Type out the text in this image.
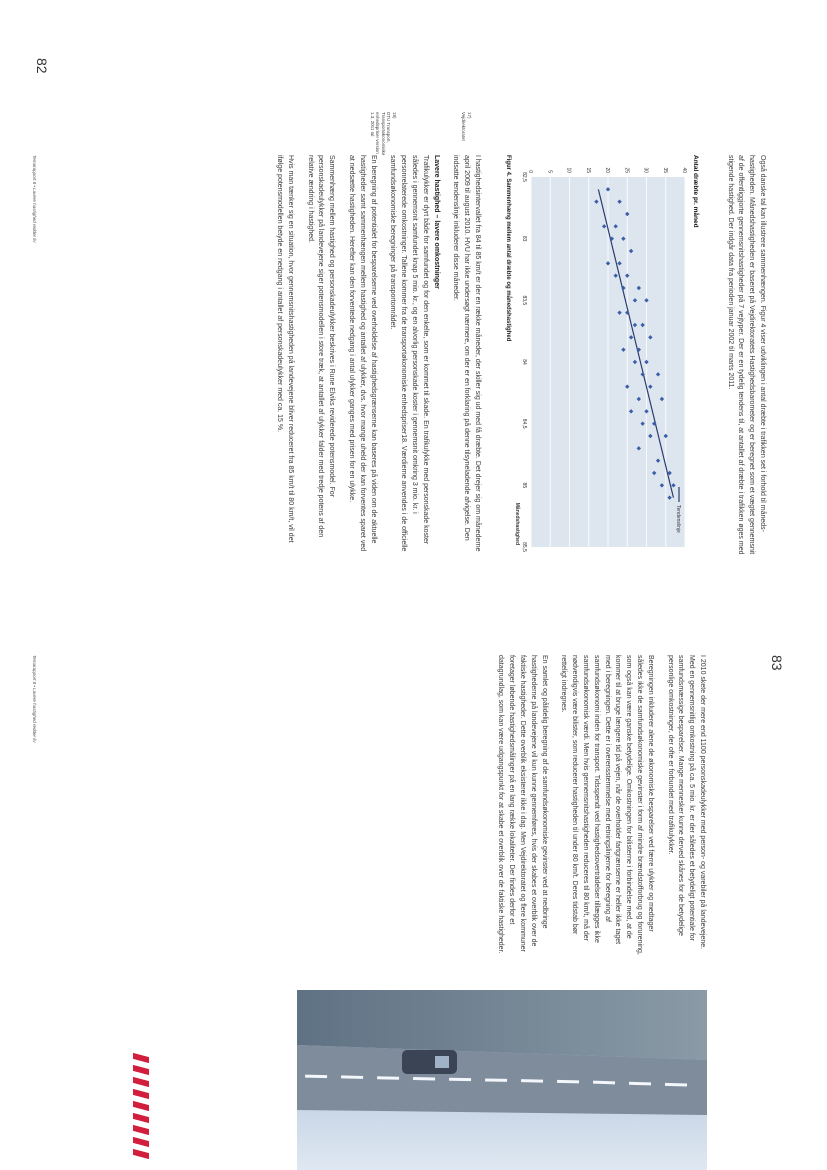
Også danske tal kan illustrere sammenhængen. Figur 4 viser udviklingen i antal dræbte i trafikken set i forhold til måneds-hastigheden. Månedshastigheden er baseret på Vejdirektoratets Hastighedsbarometer og er beregnet som et vægtet gennemsnit af de offentliggjorte gennemsnitshastigheder på 7 vejtyper. Der er en tydelig tendens til, at antallet af dræbte i trafikken øges med stigende hastighed. Der indgår data fra perioden januar 2002 til marts 2011.

Antal dræbte pr. måned
0	5	10	15	20	25	30	35	40
82,5
83
83,5
84
84,5
85
85,5
Månedshastighed	Tendenslinje
Figur 4. Sammenhæng mellem antal dræbte og månedshastighed
17)
Vejdirektoratet
18)
DTU Transport,
Transportøkonomiske
enhedspriser version
1.3, 2011 tal

I hastighedsintervallet fra 84 til 85 km/t er der en række måneder, der skiller sig ud med få dræbte. Det drejer sig om månederne april 2009 til august 2010. HVU har ikke undersøgt nærmere, om der er en forklaring på denne tilsyneladende afvigelse. Den indsatte tendenslinje inkluderer disse måneder.

Lavere hastighed – lavere omkostninger

Trafikulykker er dyrt både for samfundet og for den enkelte, som er kommet til skade. En trafikulykke med personskade koster således i gennemsnit samfundet knap 5 mio. kr., og en alvorlig personskade koster i gennemsnit omkring 3 mio. kr. i personrelaterede omkostninger. Tallene kommer fra de transportøkonomiske enhedspriser18. Værdierne anvendes i de officielle samfundsøkonomiske beregninger på transportområdet.

En beregning af potentialet for besparelserne ved overholdelse af hastighedsgrænserne kan baseres på viden om de aktuelle hastigheder samt sammenhængen mellem hastighed og antallet af ulykker, dvs. hvor mange uheld der kan forventes sparet ved at nedsætte hastigheden. Herefter kan den forventede nedgang i antal ulykker ganges med prisen for en ulykke.

Sammenhæng mellem hastighed og personskadeulykker beskrives i Rune Elviks reviderede potensmodel. For personskadeulykker på landevejene siger potensmodellen i store træk, at antallet af ulykker falder med tredje potens af den relative ændring i hastighed.

Hvis man tænker sig en situation, hvor gennemsnitshastigheden på landevejene bliver reduceret fra 85 km/t til 80 km/t, vil det ifølge potensmodellen betyde en nedgang i antallet af personskadeulykker med ca. 15 %.

82
Temarapport 8 • Lavere hastighed redder liv
83

I 2010 skete der mere end 1100 personskadeulykker med person- og varebiler på landevejene. Med en gennemsnitlig omkostning på ca. 5 mio. kr. er der således et betydeligt potentiale for samfundsmæssige besparelser. Mange mennesker kunne derved skånes for de betydelige personlige omkostninger, der ofte er forbundet med trafikulykker.

Beregningen inkluderer alene de økonomiske besparelser ved færre ulykker og medtager således ikke de samfundsøkonomiske gevinster i form af mindre brændstofforbrug og forurening, som også kan være ganske betydelige. Omkostningen for bilisterne i forbindelse med, at de kommer til at bruge længere tid på vejen, når de overholder fartgrænserne er heller ikke taget med i beregningen. Dette er i overensstemmelse med retningslinjerne for beregning af samfundsøkonomi inden for transport. Tidsspendt ved hastighedsoverträdelser tillægges ikke samfundsøkonomisk værdi. Men hvis gennemsnitshastigheden reduceres til 80 km/t, må der nødvendigvis være bilister, som reducerer hastigheden til under 80 km/t. Deres tidstab bør retteligt indregnes.

En samlet og pålidelig beregning af de samfundsøkonomiske gevinster ved at nedbringe hastighederne på landevejene vil kun kunne gennemføres, hvis der skabes et overblik over de faktiske hastigheder. Dette overblik eksisterer ikke i dag. Men Vejdirektoratet og flere kommuner foretager løbende hastighedsmålinger på en lang række lokaliteter. Der findes derfor et datagrundlag, som kan være udgangspunkt for at skabe et overblik over de faktiske hastigheder.

Temarapport 8 • Lavere hastighed redder liv
